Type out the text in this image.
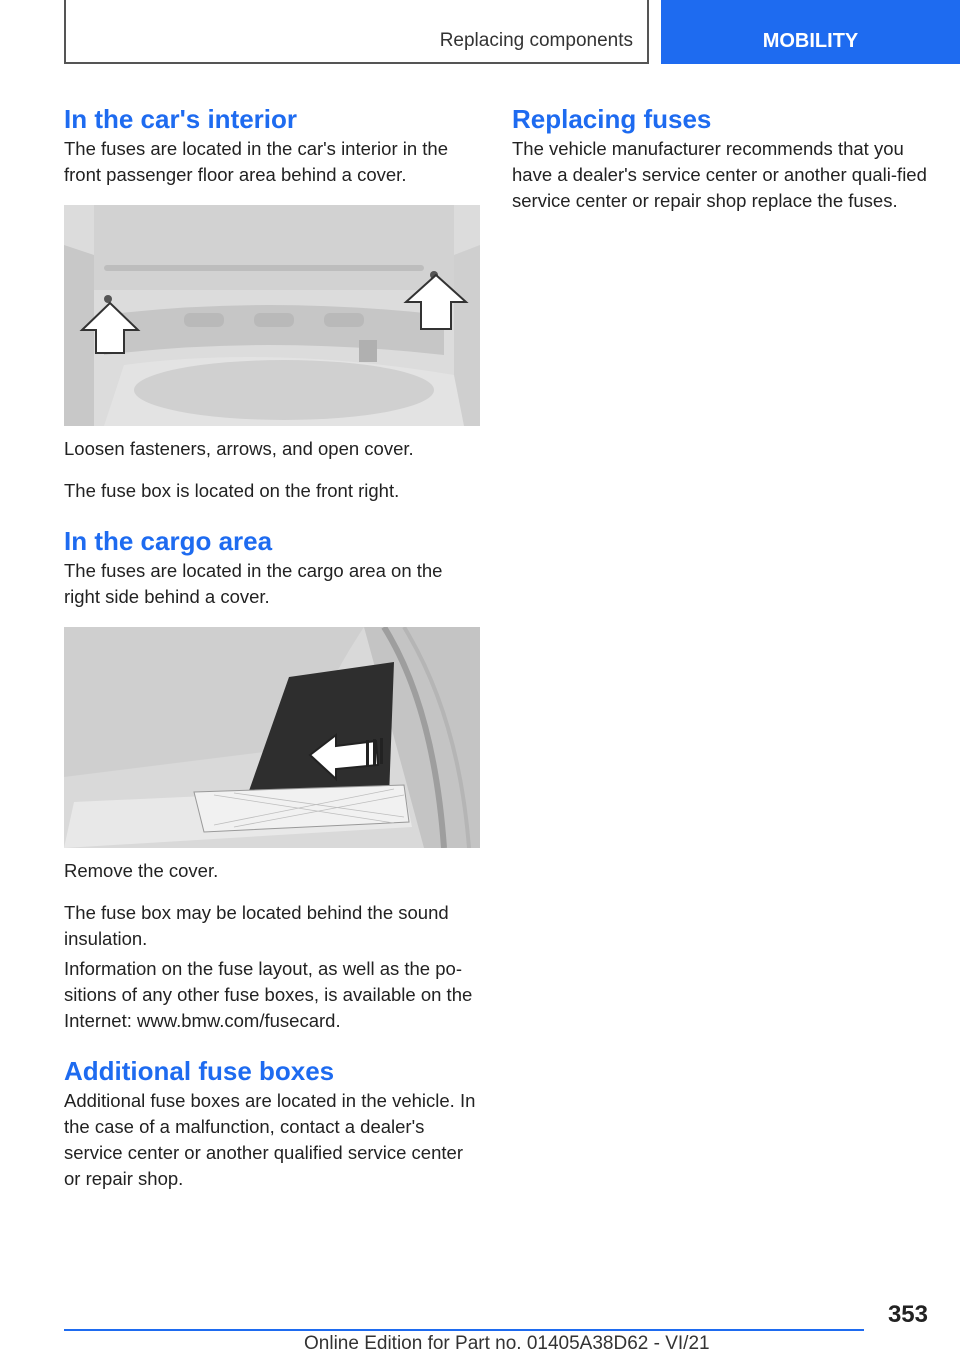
Replacing components	MOBILITY
In the car's interior

The fuses are located in the car's interior in the front passenger floor area behind a cover.

Loosen fasteners, arrows, and open cover.

The fuse box is located on the front right.

In the cargo area

The fuses are located in the cargo area on the right side behind a cover.

Remove the cover.

The fuse box may be located behind the sound insulation.

Information on the fuse layout, as well as the po-sitions of any other fuse boxes, is available on the Internet: www.bmw.com/fusecard.

Additional fuse boxes

Additional fuse boxes are located in the vehicle. In the case of a malfunction, contact a dealer's service center or another qualified service center or repair shop.

Replacing fuses

The vehicle manufacturer recommends that you have a dealer's service center or another quali-fied service center or repair shop replace the fuses.

353
Online Edition for Part no. 01405A38D62 - VI/21
